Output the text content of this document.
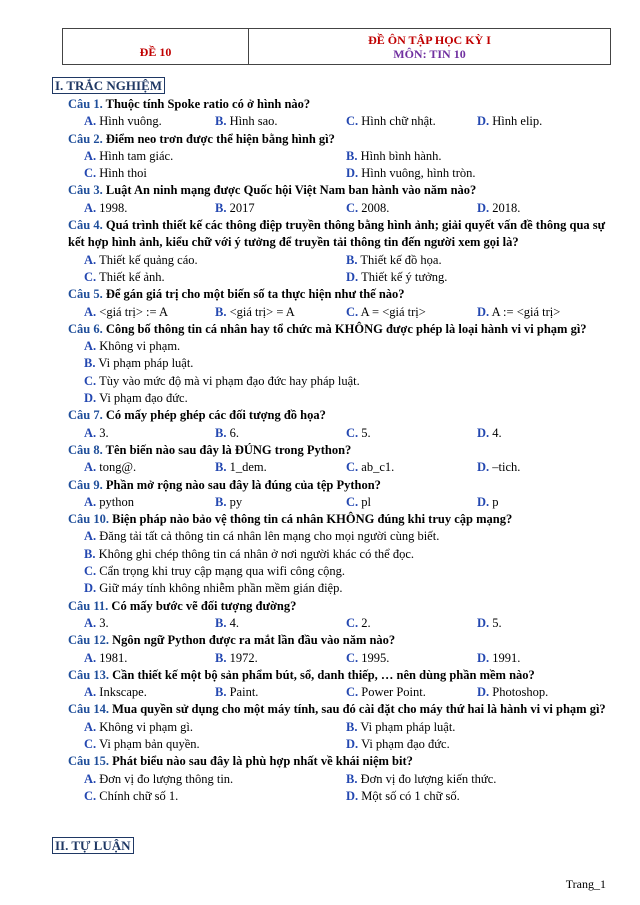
ĐỀ 10
ĐỀ ÔN TẬP HỌC KỲ I
MÔN: TIN 10
I. TRẮC NGHIỆM
Câu 1. Thuộc tính Spoke ratio có ở hình nào?
A. Hình vuông.	B. Hình sao.	C. Hình chữ nhật.	D. Hình elip.
Câu 2. Điểm neo trơn được thể hiện bằng hình gì?
A. Hình tam giác.	B. Hình bình hành.
C. Hình thoi	D. Hình vuông, hình tròn.
Câu 3. Luật An ninh mạng được Quốc hội Việt Nam ban hành vào năm nào?
A. 1998.	B. 2017	C. 2008.	D. 2018.
Câu 4. Quá trình thiết kế các thông điệp truyền thông bằng hình ảnh; giải quyết vấn đề thông qua sự kết hợp hình ảnh, kiểu chữ với ý tưởng để truyền tải thông tin đến người xem gọi là?
A. Thiết kế quảng cáo.	B. Thiết kế đồ họa.
C. Thiết kế ảnh.	D. Thiết kế ý tưởng.
Câu 5. Để gán giá trị cho một biến số ta thực hiện như thế nào?
A. <giá trị> := A	B. <giá trị> = A	C. A = <giá trị>	D. A := <giá trị>
Câu 6. Công bố thông tin cá nhân hay tổ chức mà KHÔNG được phép là loại hành vi vi phạm gì?
A. Không vi phạm.
B. Vi phạm pháp luật.
C. Tùy vào mức độ mà vi phạm đạo đức hay pháp luật.
D. Vi phạm đạo đức.
Câu 7. Có mấy phép ghép các đối tượng đồ họa?
A. 3.	B. 6.	C. 5.	D. 4.
Câu 8. Tên biến nào sau đây là ĐÚNG trong Python?
A. tong@.	B. 1_dem.	C. ab_c1.	D. –tich.
Câu 9. Phần mở rộng nào sau đây là đúng của tệp Python?
A. python	B. py	C. pl	D. p
Câu 10. Biện pháp nào bảo vệ thông tin cá nhân KHÔNG đúng khi truy cập mạng?
A. Đăng tải tất cả thông tin cá nhân lên mạng cho mọi người cùng biết.
B. Không ghi chép thông tin cá nhân ở nơi người khác có thể đọc.
C. Cẩn trọng khi truy cập mạng qua wifi công cộng.
D. Giữ máy tính không nhiễm phần mềm gián điệp.
Câu 11. Có mấy bước vẽ đối tượng đường?
A. 3.	B. 4.	C. 2.	D. 5.
Câu 12. Ngôn ngữ Python được ra mắt lần đầu vào năm nào?
A. 1981.	B. 1972.	C. 1995.	D. 1991.
Câu 13. Cần thiết kế một bộ sản phẩm bút, sổ, danh thiếp, … nên dùng phần mềm nào?
A. Inkscape.	B. Paint.	C. Power Point.	D. Photoshop.
Câu 14. Mua quyền sử dụng cho một máy tính, sau đó cài đặt cho máy thứ hai là hành vi vi phạm gì?
A. Không vi phạm gì.	B. Vi phạm pháp luật.
C. Vi phạm bản quyền.	D. Vi phạm đạo đức.
Câu 15. Phát biểu nào sau đây là phù hợp nhất về khái niệm bit?
A. Đơn vị đo lượng thông tin.	B. Đơn vị đo lượng kiến thức.
C. Chính chữ số 1.	D. Một số có 1 chữ số.
II. TỰ LUẬN
Trang_1
